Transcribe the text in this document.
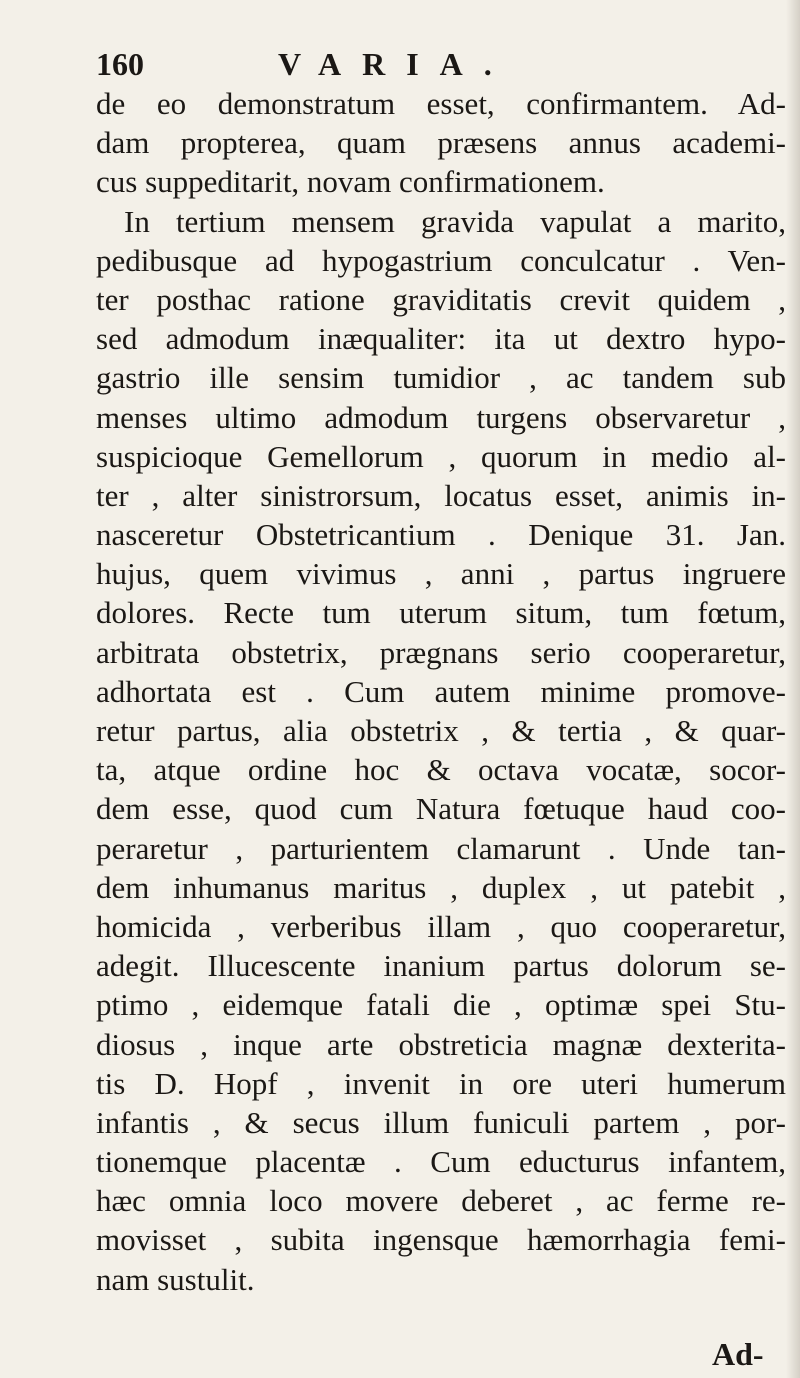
160	VARIA.
de eo demonstratum esset, confirmantem. Ad-
dam propterea, quam præsens annus academi-
cus suppeditarit, novam confirmationem.
In tertium mensem gravida vapulat a marito,
pedibusque ad hypogastrium conculcatur . Ven-
ter posthac ratione graviditatis crevit quidem ,
sed admodum inæqualiter: ita ut dextro hypo-
gastrio ille sensim tumidior , ac tandem sub
menses ultimo admodum turgens observaretur ,
suspicioque Gemellorum , quorum in medio al-
ter , alter sinistrorsum, locatus esset, animis in-
nasceretur Obstetricantium . Denique 31. Jan.
hujus, quem vivimus , anni , partus ingruere
dolores. Recte tum uterum situm, tum fœtum,
arbitrata obstetrix, prægnans serio cooperaretur,
adhortata est . Cum autem minime promove-
retur partus, alia obstetrix , & tertia , & quar-
ta, atque ordine hoc & octava vocatæ, socor-
dem esse, quod cum Natura fœtuque haud coo-
peraretur , parturientem clamarunt . Unde tan-
dem inhumanus maritus , duplex , ut patebit ,
homicida , verberibus illam , quo cooperaretur,
adegit. Illucescente inanium partus dolorum se-
ptimo , eidemque fatali die , optimæ spei Stu-
diosus , inque arte obstreticia magnæ dexterita-
tis D. Hopf , invenit in ore uteri humerum
infantis , & secus illum funiculi partem , por-
tionemque placentæ . Cum educturus infantem,
hæc omnia loco movere deberet , ac ferme re-
movisset , subita ingensque hæmorrhagia femi-
nam sustulit.
Ad-
